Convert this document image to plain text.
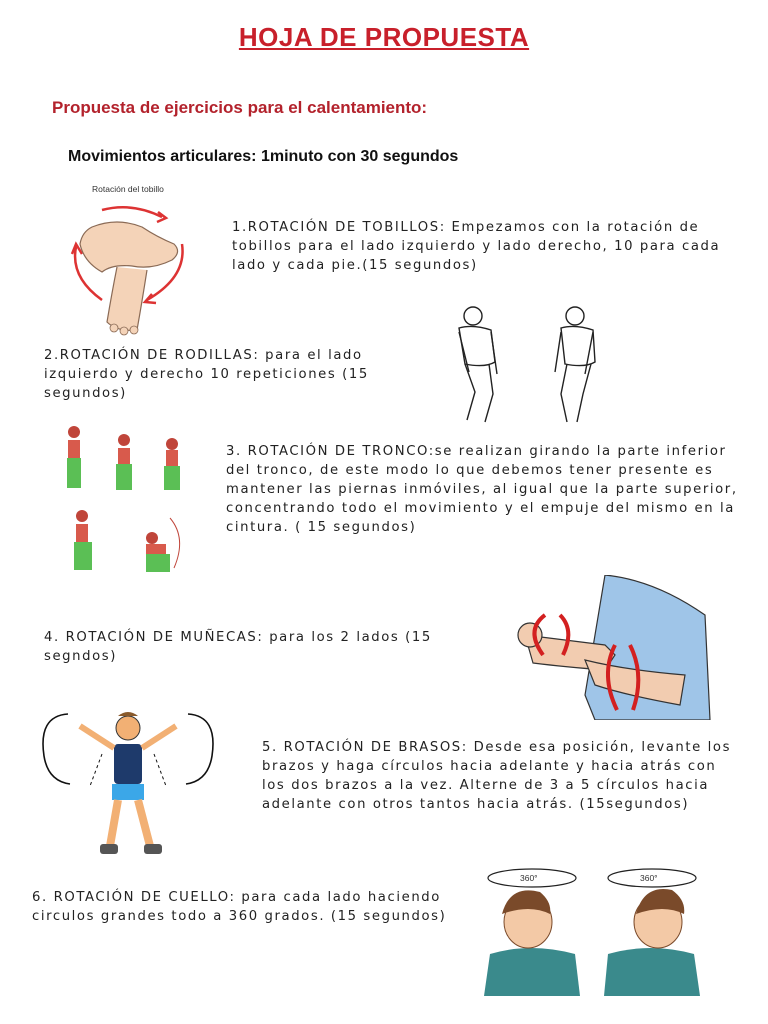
HOJA DE PROPUESTA
Propuesta de ejercicios para el calentamiento:
Movimientos articulares: 1minuto con 30 segundos
Rotación del tobillo

1.ROTACIÓN DE TOBILLOS: Empezamos con la rotación de tobillos para el lado izquierdo y lado derecho, 10 para cada lado y cada pie.(15 segundos)

2.ROTACIÓN DE RODILLAS: para el lado izquierdo y derecho 10 repeticiones (15 segundos)

3. ROTACIÓN DE TRONCO:se realizan girando la parte inferior del tronco, de este modo lo que debemos tener presente es mantener las piernas inmóviles, al igual que la parte superior, concentrando todo el movimiento y el empuje del mismo en la cintura. ( 15 segundos)

4. ROTACIÓN DE MUÑECAS: para los 2 lados (15 segndos)

5. ROTACIÓN DE BRASOS: Desde esa posición, levante los brazos y haga círculos hacia adelante y hacia atrás con los dos brazos a la vez. Alterne de 3 a 5 círculos hacia adelante con otros tantos hacia atrás. (15segundos)

360°	360°

6. ROTACIÓN DE CUELLO: para cada lado haciendo circulos grandes todo a 360 grados. (15 segundos)
